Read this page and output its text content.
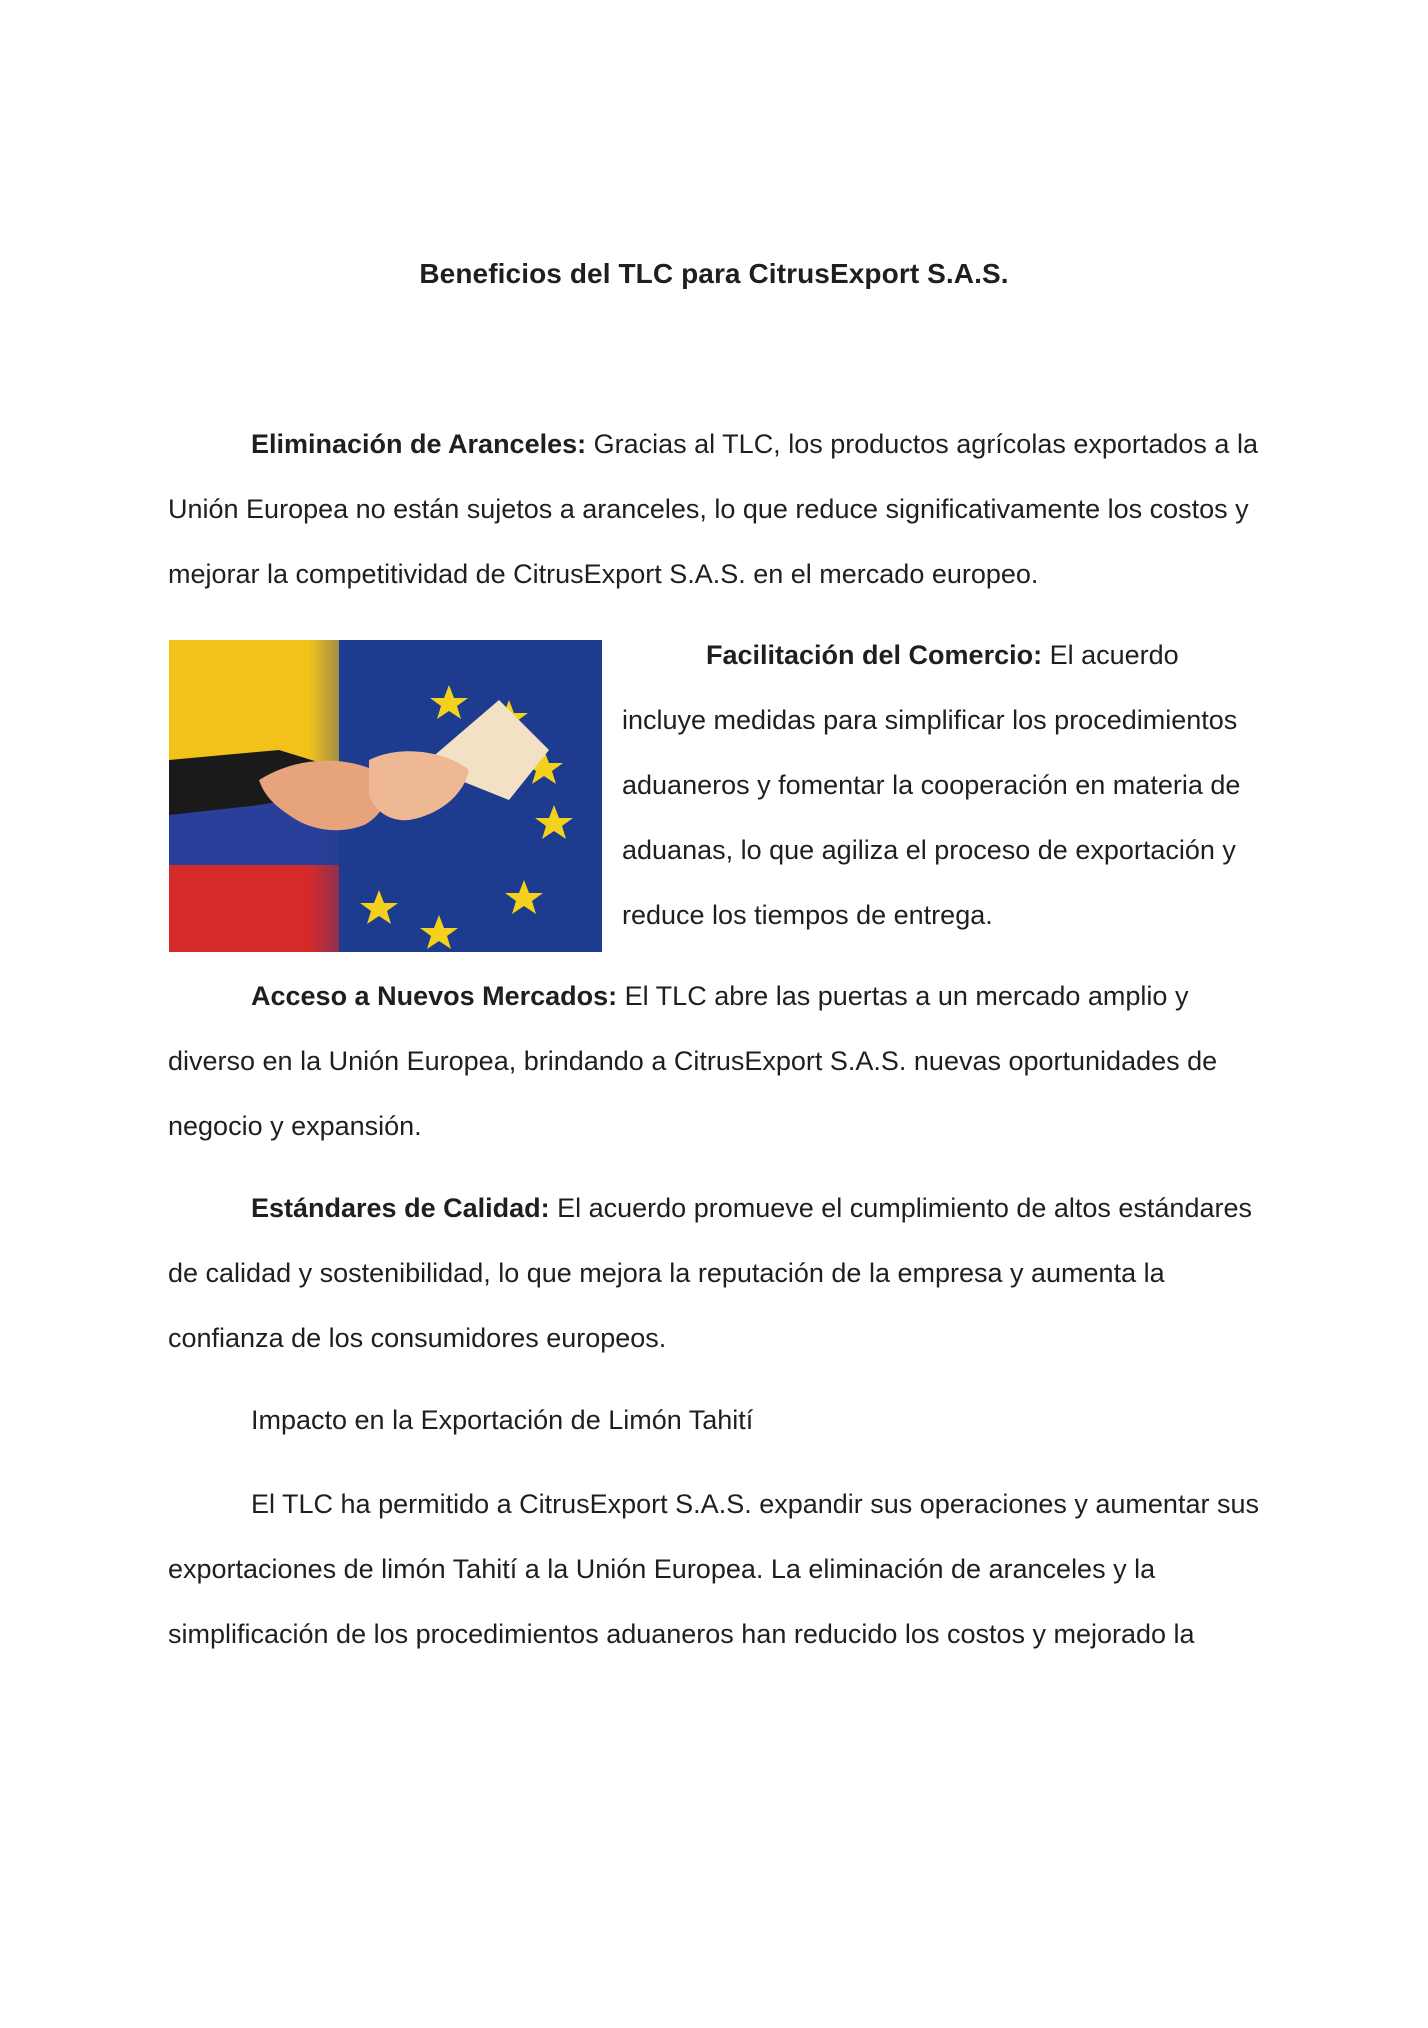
Beneficios del TLC para CitrusExport S.A.S.

Eliminación de Aranceles: Gracias al TLC, los productos agrícolas exportados a la Unión Europea no están sujetos a aranceles, lo que reduce significativamente los costos y mejorar la competitividad de CitrusExport S.A.S. en el mercado europeo.

Facilitación del Comercio: El acuerdo
incluye medidas para simplificar los procedimientos aduaneros y fomentar la cooperación en materia de aduanas, lo que agiliza el proceso de exportación y reduce los tiempos de entrega.

Acceso a Nuevos Mercados: El TLC abre las puertas a un mercado amplio y diverso en la Unión Europea, brindando a CitrusExport S.A.S. nuevas oportunidades de negocio y expansión.

Estándares de Calidad: El acuerdo promueve el cumplimiento de altos estándares de calidad y sostenibilidad, lo que mejora la reputación de la empresa y aumenta la confianza de los consumidores europeos.

Impacto en la Exportación de Limón Tahití

El TLC ha permitido a CitrusExport S.A.S. expandir sus operaciones y aumentar sus exportaciones de limón Tahití a la Unión Europea. La eliminación de aranceles y la simplificación de los procedimientos aduaneros han reducido los costos y mejorado la
